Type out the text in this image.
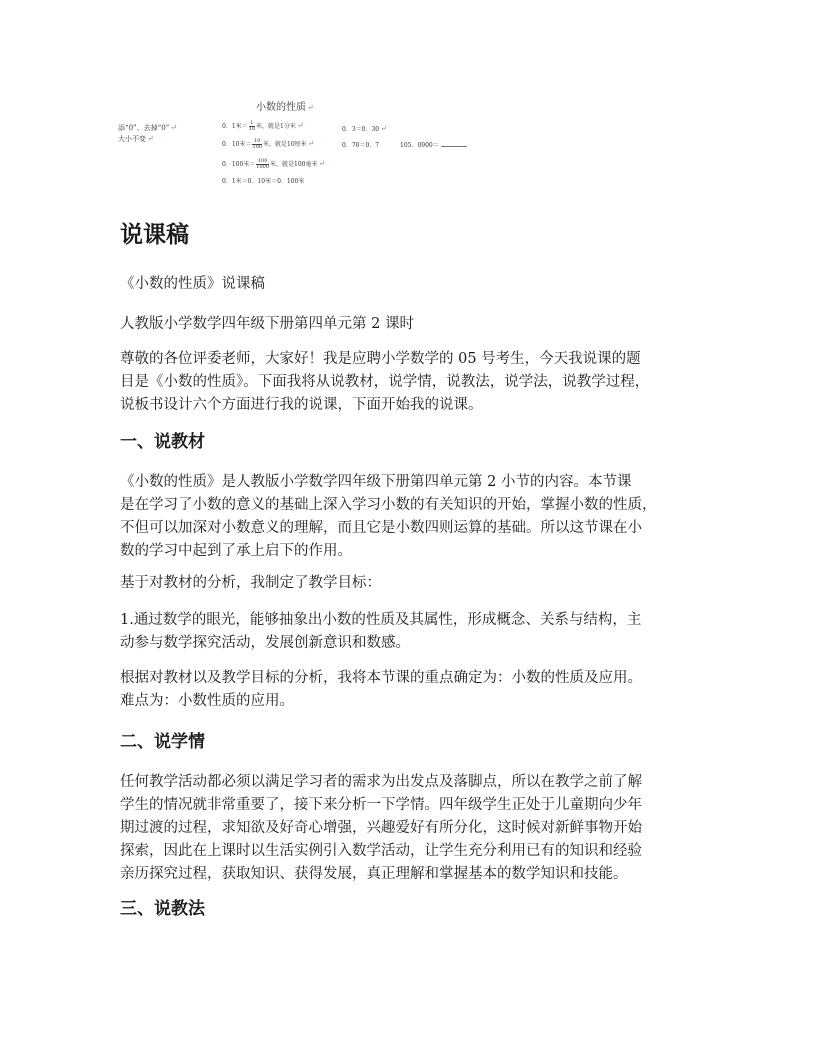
小数的性质↵
添“0”、去掉“0”↵
大小不变↵
0．1米＝ $\frac{1}{10}$ 米，就是1分米↵
0．10米＝ $\frac{10}{100}$ 米，就是10厘米↵
0．100米＝ $\frac{100}{1000}$ 米，就是100毫米↵
0．1米＝0．10米＝0．100米
0．3＝0．30↵
0．70＝0．7	105．0900＝
说课稿

《小数的性质》说课稿

人教版小学数学四年级下册第四单元第 2 课时

尊敬的各位评委老师，大家好！我是应聘小学数学的 05 号考生，今天我说课的题
目是《小数的性质》。下面我将从说教材，说学情，说教法，说学法，说教学过程，
说板书设计六个方面进行我的说课，下面开始我的说课。
一、说教材
《小数的性质》是人教版小学数学四年级下册第四单元第 2 小节的内容。本节课
是在学习了小数的意义的基础上深入学习小数的有关知识的开始，掌握小数的性质，
不但可以加深对小数意义的理解，而且它是小数四则运算的基础。所以这节课在小
数的学习中起到了承上启下的作用。

基于对教材的分析，我制定了教学目标：

1.通过数学的眼光，能够抽象出小数的性质及其属性，形成概念、关系与结构，主
动参与数学探究活动，发展创新意识和数感。
根据对教材以及教学目标的分析，我将本节课的重点确定为：小数的性质及应用。
难点为：小数性质的应用。
二、说学情
任何教学活动都必须以满足学习者的需求为出发点及落脚点，所以在教学之前了解
学生的情况就非常重要了，接下来分析一下学情。四年级学生正处于儿童期向少年
期过渡的过程，求知欲及好奇心增强，兴趣爱好有所分化，这时候对新鲜事物开始
探索，因此在上课时以生活实例引入数学活动，让学生充分利用已有的知识和经验
亲历探究过程，获取知识、获得发展，真正理解和掌握基本的数学知识和技能。
三、说教法
